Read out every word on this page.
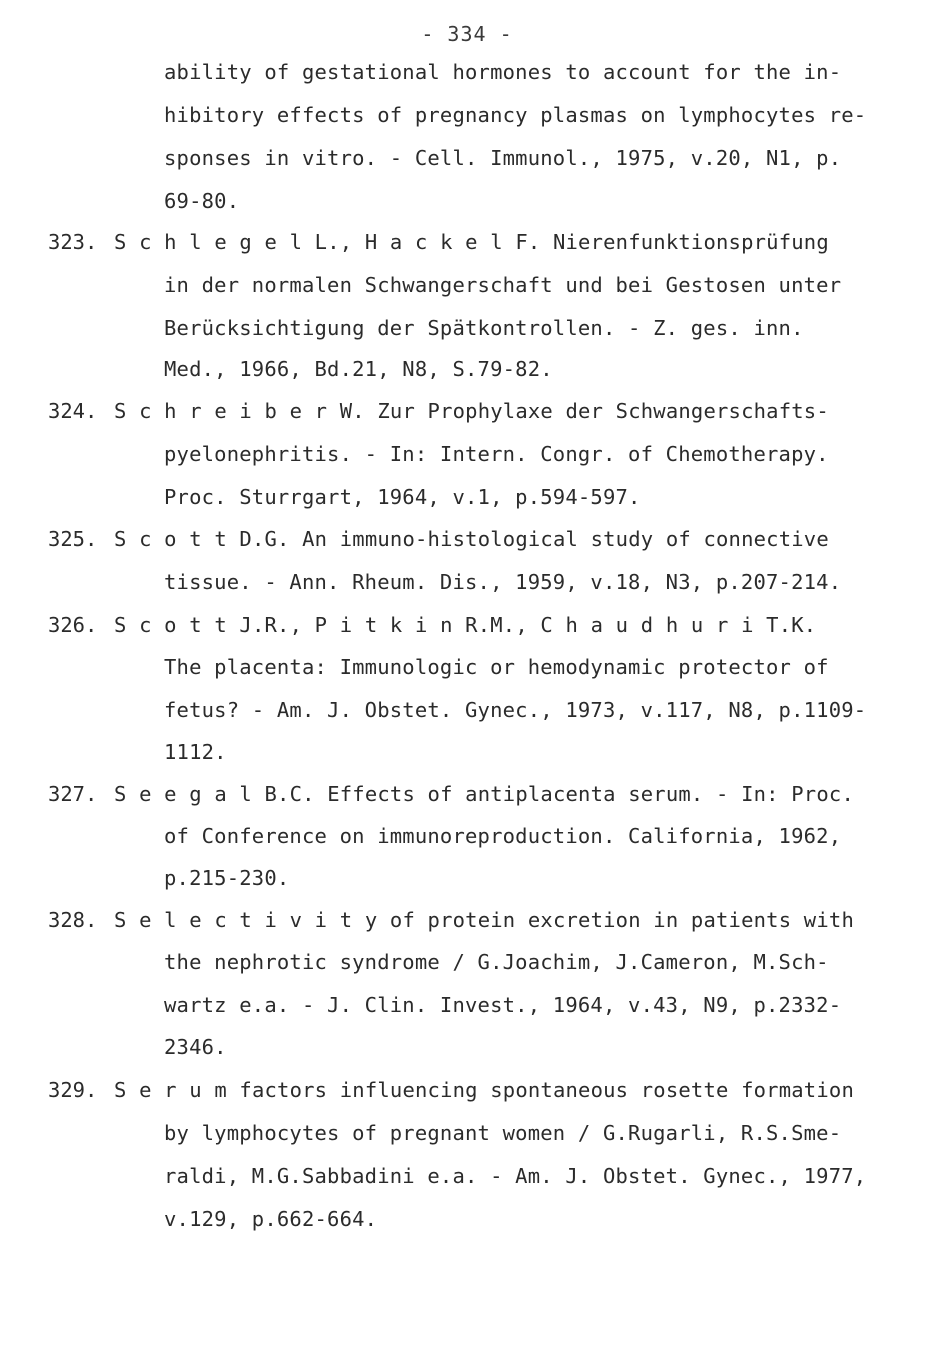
- 334 -
ability of gestational hormones to account for the in-
hibitory effects of pregnancy plasmas on lymphocytes re-
sponses in vitro. - Cell. Immunol., 1975, v.20, N1, p.
69-80.
323. S c h l e g e l L., H a c k e l F. Nierenfunktionsprüfung
in der normalen Schwangerschaft und bei Gestosen unter
Berücksichtigung der Spätkontrollen. - Z. ges. inn.
Med., 1966, Bd.21, N8, S.79-82.
324. S c h r e i b e r W. Zur Prophylaxe der Schwangerschafts-
pyelonephritis. - In: Intern. Congr. of Chemotherapy.
Proc. Sturrgart, 1964, v.1, p.594-597.
325. S c o t t D.G. An immuno-histological study of connective
tissue. - Ann. Rheum. Dis., 1959, v.18, N3, p.207-214.
326. S c o t t J.R., P i t k i n R.M., C h a u d h u r i T.K.
The placenta: Immunologic or hemodynamic protector of
fetus? - Am. J. Obstet. Gynec., 1973, v.117, N8, p.1109-
1112.
327. S e e g a l B.C. Effects of antiplacenta serum. - In: Proc.
of Conference on immunoreproduction. California, 1962,
p.215-230.
328. S e l e c t i v i t y of protein excretion in patients with
the nephrotic syndrome / G.Joachim, J.Cameron, M.Sch-
wartz e.a. - J. Clin. Invest., 1964, v.43, N9, p.2332-
2346.
329. S e r u m factors influencing spontaneous rosette formation
by lymphocytes of pregnant women / G.Rugarli, R.S.Sme-
raldi, M.G.Sabbadini e.a. - Am. J. Obstet. Gynec., 1977,
v.129, p.662-664.
